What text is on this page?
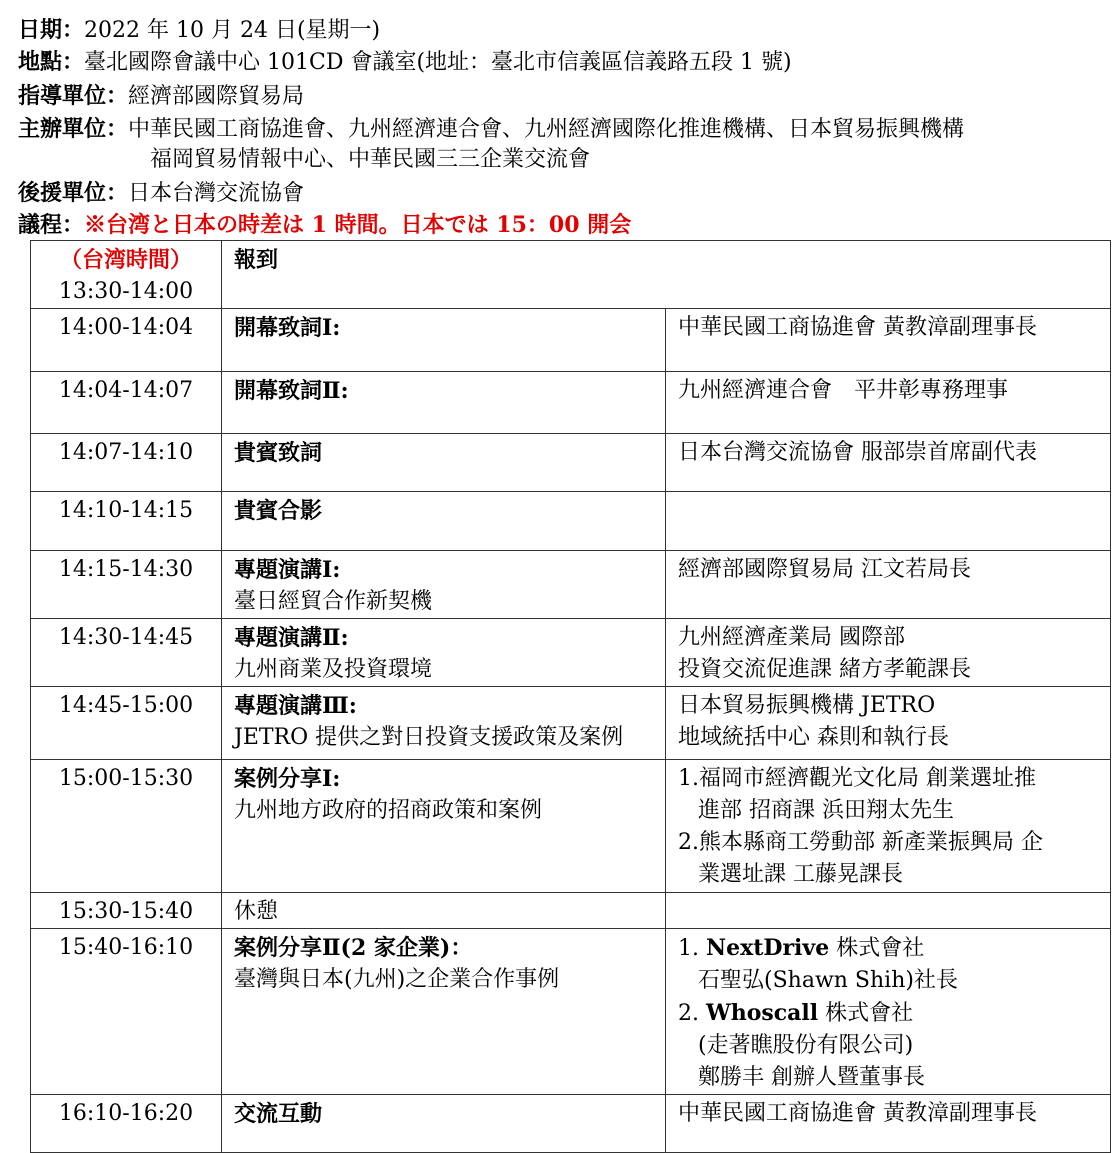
日期：2022 年 10 月 24 日(星期一)
地點：臺北國際會議中心 101CD 會議室(地址：臺北市信義區信義路五段 1 號)
指導單位：經濟部國際貿易局
主辦單位：中華民國工商協進會、九州經濟連合會、九州經濟國際化推進機構、日本貿易振興機構
福岡貿易情報中心、中華民國三三企業交流會
後援單位：日本台灣交流協會
議程：※台湾と日本の時差は 1 時間。日本では 15：00 開会
（台湾時間）
13:30-14:00	報到	

14:00-14:04	開幕致詞Ⅰ:	中華民國工商協進會 黃教漳副理事長
14:04-14:07	開幕致詞Ⅱ:	九州經濟連合會　平井彰專務理事
14:07-14:10	貴賓致詞	日本台灣交流協會 服部崇首席副代表
14:10-14:15	貴賓合影	

14:15-14:30	專題演講Ⅰ:
臺日經貿合作新契機	經濟部國際貿易局 江文若局長
14:30-14:45	專題演講Ⅱ:
九州商業及投資環境	九州經濟產業局 國際部
投資交流促進課 緒方孝範課長

14:45-15:00	專題演講Ⅲ:
JETRO 提供之對日投資支援政策及案例	日本貿易振興機構 JETRO
地域統括中心 森則和執行長

15:00-15:30	案例分享Ⅰ:
九州地方政府的招商政策和案例	1.福岡市經濟觀光文化局 創業選址推
進部 招商課 浜田翔太先生
2.熊本縣商工勞動部 新產業振興局 企
業選址課 工藤晃課長

15:30-15:40	休憩	

15:40-16:10	案例分享Ⅱ(2 家企業)：
臺灣與日本(九州)之企業合作事例	1. NextDrive 株式會社
石聖弘(Shawn Shih)社長
2. Whoscall 株式會社
(走著瞧股份有限公司)
鄭勝丰 創辦人暨董事長

16:10-16:20	交流互動	中華民國工商協進會 黃教漳副理事長
